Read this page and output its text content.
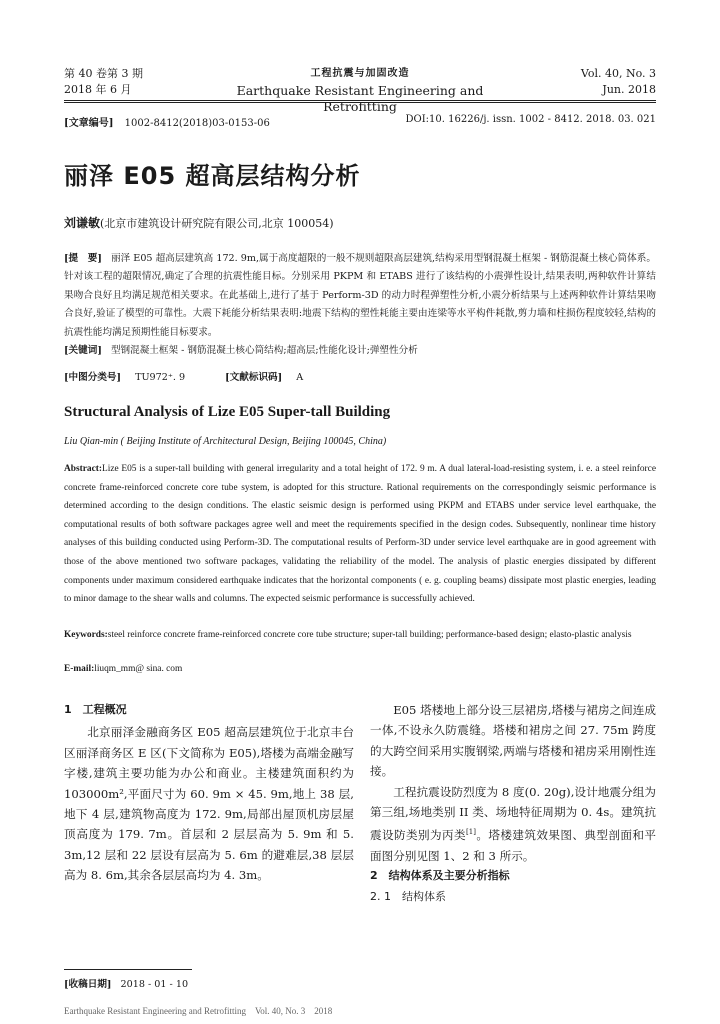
第 40 卷第 3 期
2018 年 6 月
工程抗震与加固改造
Earthquake Resistant Engineering and Retrofitting
Vol. 40, No. 3
Jun. 2018
[文章编号] 1002-8412(2018)03-0153-06	DOI:10. 16226/j. issn. 1002 - 8412. 2018. 03. 021
丽泽 E05 超高层结构分析
刘谦敏(北京市建筑设计研究院有限公司,北京 100054)
[提　要] 丽泽 E05 超高层建筑高 172. 9m,属于高度超限的一般不规则超限高层建筑,结构采用型钢混凝土框架 - 钢筋混凝土核心筒体系。针对该工程的超限情况,确定了合理的抗震性能目标。分别采用 PKPM 和 ETABS 进行了该结构的小震弹性设计,结果表明,两种软件计算结果吻合良好且均满足规范相关要求。在此基础上,进行了基于 Perform-3D 的动力时程弹塑性分析,小震分析结果与上述两种软件计算结果吻合良好,验证了模型的可靠性。大震下耗能分析结果表明:地震下结构的塑性耗能主要由连梁等水平构件耗散,剪力墙和柱损伤程度较轻,结构的抗震性能均满足预期性能目标要求。
[关键词] 型钢混凝土框架 - 钢筋混凝土核心筒结构;超高层;性能化设计;弹塑性分析
[中图分类号] TU972⁺. 9	[文献标识码] A
Structural Analysis of Lize E05 Super-tall Building
Liu Qian-min ( Beijing Institute of Architectural Design, Beijing 100045, China)
Abstract:Lize E05 is a super-tall building with general irregularity and a total height of 172. 9 m. A dual lateral-load-resisting system, i. e. a steel reinforce concrete frame-reinforced concrete core tube system, is adopted for this structure. Rational requirements on the correspondingly seismic performance is determined according to the design conditions. The elastic seismic design is performed using PKPM and ETABS under service level earthquake, the computational results of both software packages agree well and meet the requirements specified in the design codes. Subsequently, nonlinear time history analyses of this building conducted using Perform-3D. The computational results of Perform-3D under service level earthquake are in good agreement with those of the above mentioned two software packages, validating the reliability of the model. The analysis of plastic energies dissipated by different components under maximum considered earthquake indicates that the horizontal components ( e. g. coupling beams) dissipate most plastic energies, leading to minor damage to the shear walls and columns. The expected seismic performance is successfully achieved.
Keywords:steel reinforce concrete frame-reinforced concrete core tube structure; super-tall building; performance-based design; elasto-plastic analysis
E-mail:liuqm_mm@ sina. com
1　工程概况
北京丽泽金融商务区 E05 超高层建筑位于北京丰台区丽泽商务区 E 区(下文简称为 E05),塔楼为高端金融写字楼,建筑主要功能为办公和商业。主楼建筑面积约为 103000m²,平面尺寸为 60. 9m × 45. 9m,地上 38 层,地下 4 层,建筑物高度为 172. 9m,局部出屋顶机房层屋顶高度为 179. 7m。首层和 2 层层高为 5. 9m 和 5. 3m,12 层和 22 层设有层高为 5. 6m 的避难层,38 层层高为 8. 6m,其余各层层高均为 4. 3m。
E05 塔楼地上部分设三层裙房,塔楼与裙房之间连成一体,不设永久防震缝。塔楼和裙房之间 27. 75m 跨度的大跨空间采用实腹钢梁,两端与塔楼和裙房采用刚性连接。
工程抗震设防烈度为 8 度(0. 20g),设计地震分组为第三组,场地类别 II 类、场地特征周期为 0. 4s。建筑抗震设防类别为丙类[1]。塔楼建筑效果图、典型剖面和平面图分别见图 1、2 和 3 所示。
2　结构体系及主要分析指标
2. 1　结构体系
[收稿日期] 2018 - 01 - 10
Earthquake Resistant Engineering and Retrofitting　Vol. 40, No. 3　2018
